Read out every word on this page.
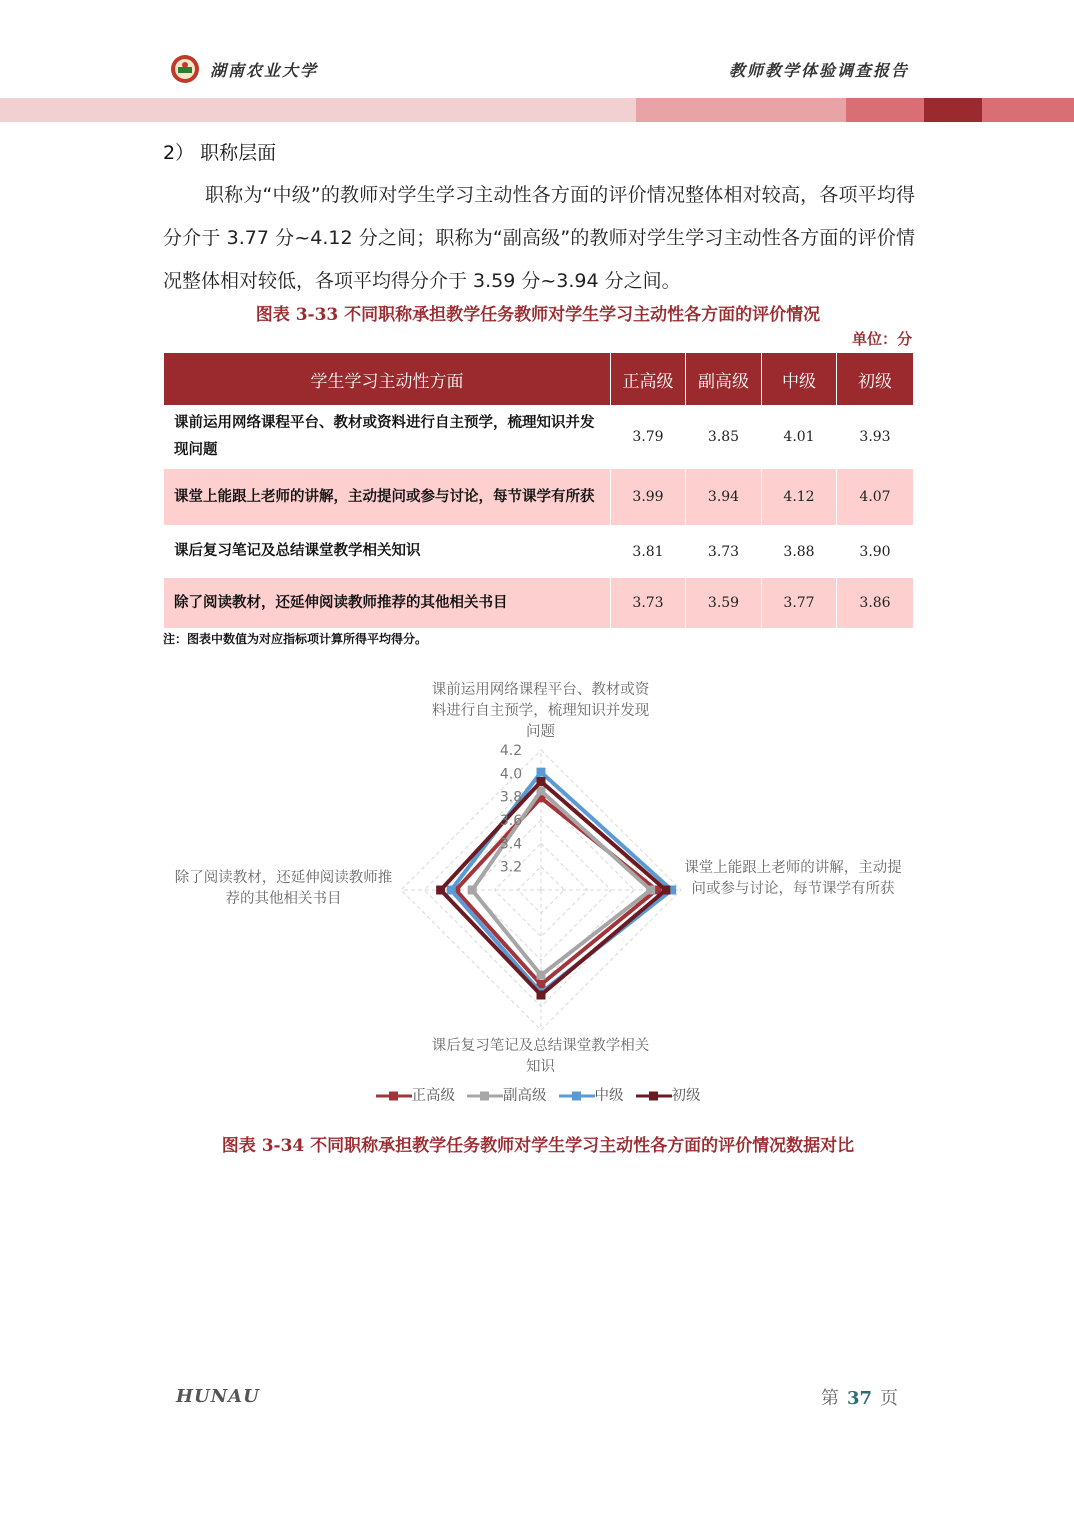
湖南农业大学	教师教学体验调查报告
2） 职称层面
职称为“中级”的教师对学生学习主动性各方面的评价情况整体相对较高，各项平均得分介于 3.77 分~4.12 分之间；职称为“副高级”的教师对学生学习主动性各方面的评价情况整体相对较低，各项平均得分介于 3.59 分~3.94 分之间。
图表 3-33 不同职称承担教学任务教师对学生学习主动性各方面的评价情况
单位：分
学生学习主动性方面	正高级	副高级	中级	初级
课前运用网络课程平台、教材或资料进行自主预学，梳理知识并发现问题	3.79	3.85	4.01	3.93
课堂上能跟上老师的讲解，主动提问或参与讨论，每节课学有所获	3.99	3.94	4.12	4.07
课后复习笔记及总结课堂教学相关知识	3.81	3.73	3.88	3.90
除了阅读教材，还延伸阅读教师推荐的其他相关书目	3.73	3.59	3.77	3.86
注：图表中数值为对应指标项计算所得平均得分。
3.2
3.4
3.6
3.8
4.0
4.2
课前运用网络课程平台、教材或资料进行自主预学，梳理知识并发现问题
课堂上能跟上老师的讲解，主动提问或参与讨论，每节课学有所获
课后复习笔记及总结课堂教学相关知识
除了阅读教材，还延伸阅读教师推荐的其他相关书目
正高级	副高级	中级	初级
图表 3-34 不同职称承担教学任务教师对学生学习主动性各方面的评价情况数据对比
HUNAU	第 37 页
